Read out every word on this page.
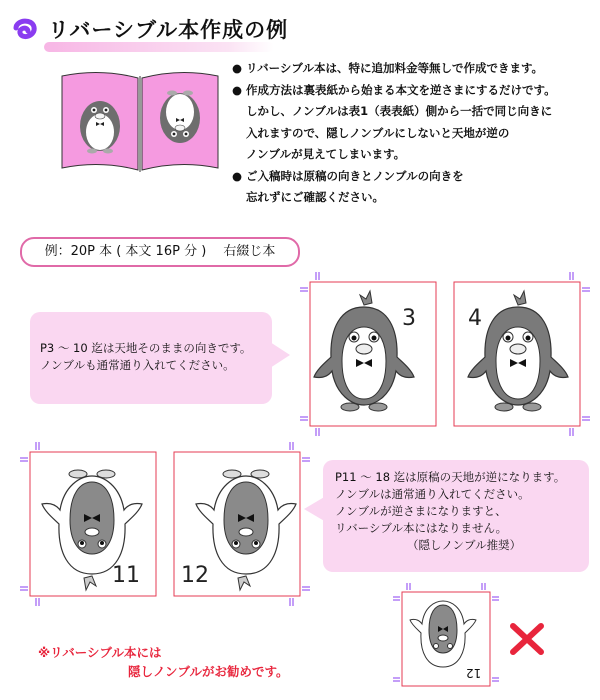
リバーシブル本作成の例
● リバーシブル本は、特に追加料金等無しで作成できます。
● 作成方法は裏表紙から始まる本文を逆さまにするだけです。
しかし、ノンブルは表1（表表紙）側から一括で同じ向きに
入れますので、隠しノンブルにしないと天地が逆の
ノンブルが見えてしまいます。
● ご入稿時は原稿の向きとノンブルの向きを
忘れずにご確認ください。
例：20P 本 ( 本文 16P 分 )　 右綴じ本
P3 〜 10 迄は天地そのままの向きです。
ノンブルも通常通り入れてください。
3 4
11 12
P11 〜 18 迄は原稿の天地が逆になります。
ノンブルは通常通り入れてください。
ノンブルが逆さまになりますと、
リバーシブル本にはなりません。
（隠しノンブル推奨）
12
※リバーシブル本には
隠しノンブルがお勧めです。
